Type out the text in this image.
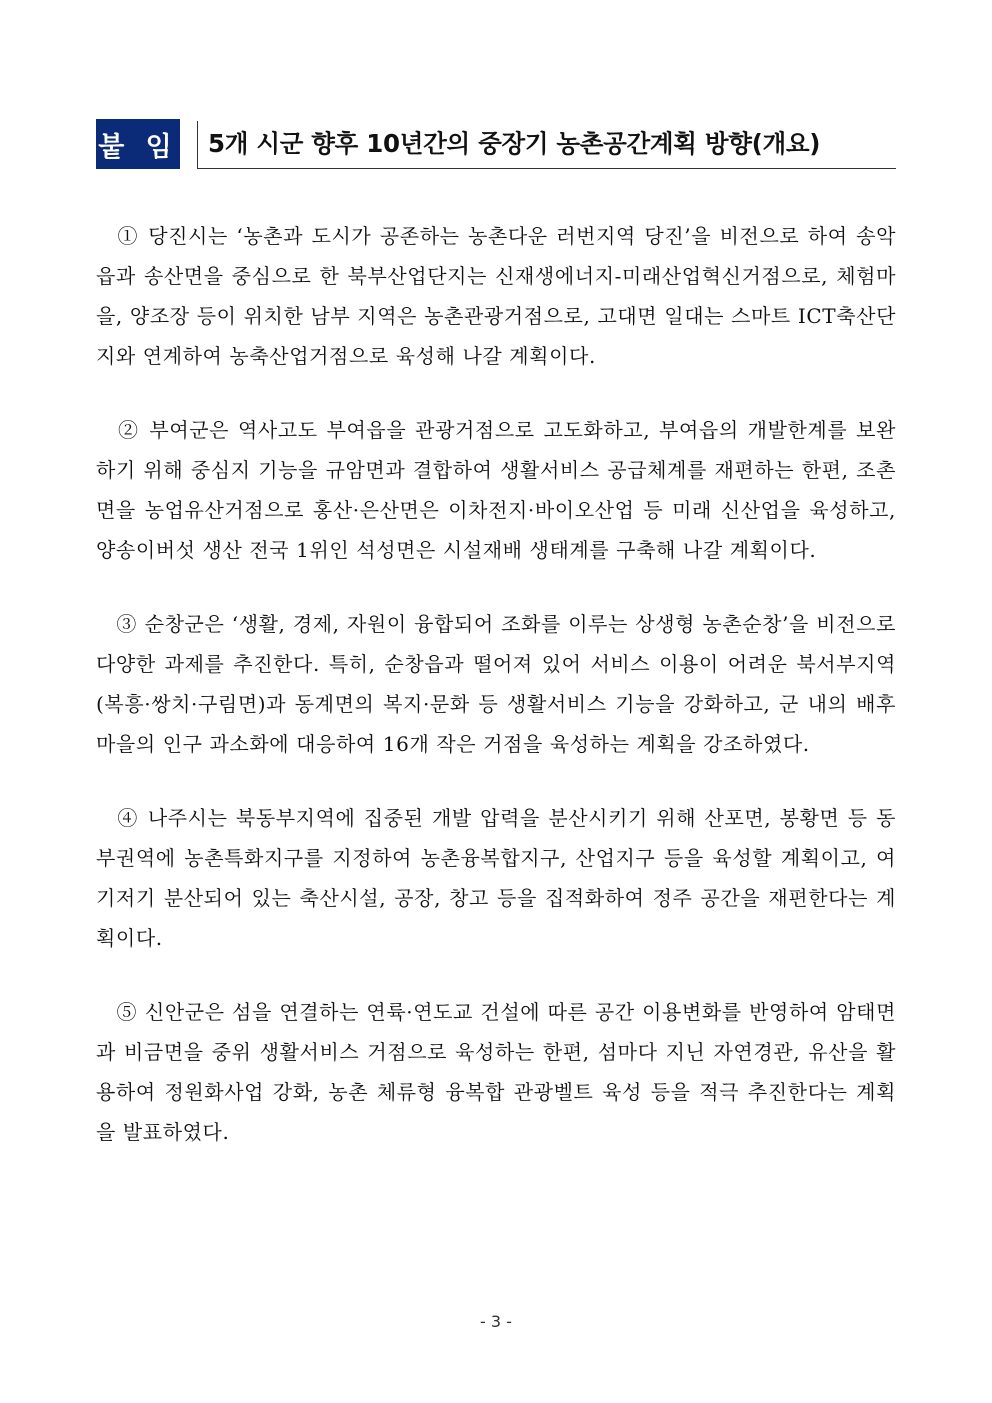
붙 임 5개 시군 향후 10년간의 중장기 농촌공간계획 방향(개요)

① 당진시는 ‘농촌과 도시가 공존하는 농촌다운 러번지역 당진’을 비전으로 하여 송악읍과 송산면을 중심으로 한 북부산업단지는 신재생에너지-미래산업혁신거점으로, 체험마을, 양조장 등이 위치한 남부 지역은 농촌관광거점으로, 고대면 일대는 스마트 ICT축산단지와 연계하여 농축산업거점으로 육성해 나갈 계획이다.

② 부여군은 역사고도 부여읍을 관광거점으로 고도화하고, 부여읍의 개발한계를 보완하기 위해 중심지 기능을 규암면과 결합하여 생활서비스 공급체계를 재편하는 한편, 조촌면을 농업유산거점으로 홍산·은산면은 이차전지·바이오산업 등 미래 신산업을 육성하고, 양송이버섯 생산 전국 1위인 석성면은 시설재배 생태계를 구축해 나갈 계획이다.

③ 순창군은 ‘생활, 경제, 자원이 융합되어 조화를 이루는 상생형 농촌순창’을 비전으로 다양한 과제를 추진한다. 특히, 순창읍과 떨어져 있어 서비스 이용이 어려운 북서부지역(복흥·쌍치·구림면)과 동계면의 복지·문화 등 생활서비스 기능을 강화하고, 군 내의 배후마을의 인구 과소화에 대응하여 16개 작은 거점을 육성하는 계획을 강조하였다.

④ 나주시는 북동부지역에 집중된 개발 압력을 분산시키기 위해 산포면, 봉황면 등 동부권역에 농촌특화지구를 지정하여 농촌융복합지구, 산업지구 등을 육성할 계획이고, 여기저기 분산되어 있는 축산시설, 공장, 창고 등을 집적화하여 정주 공간을 재편한다는 계획이다.

⑤ 신안군은 섬을 연결하는 연륙·연도교 건설에 따른 공간 이용변화를 반영하여 암태면과 비금면을 중위 생활서비스 거점으로 육성하는 한편, 섬마다 지닌 자연경관, 유산을 활용하여 정원화사업 강화, 농촌 체류형 융복합 관광벨트 육성 등을 적극 추진한다는 계획을 발표하였다.

- 3 -
